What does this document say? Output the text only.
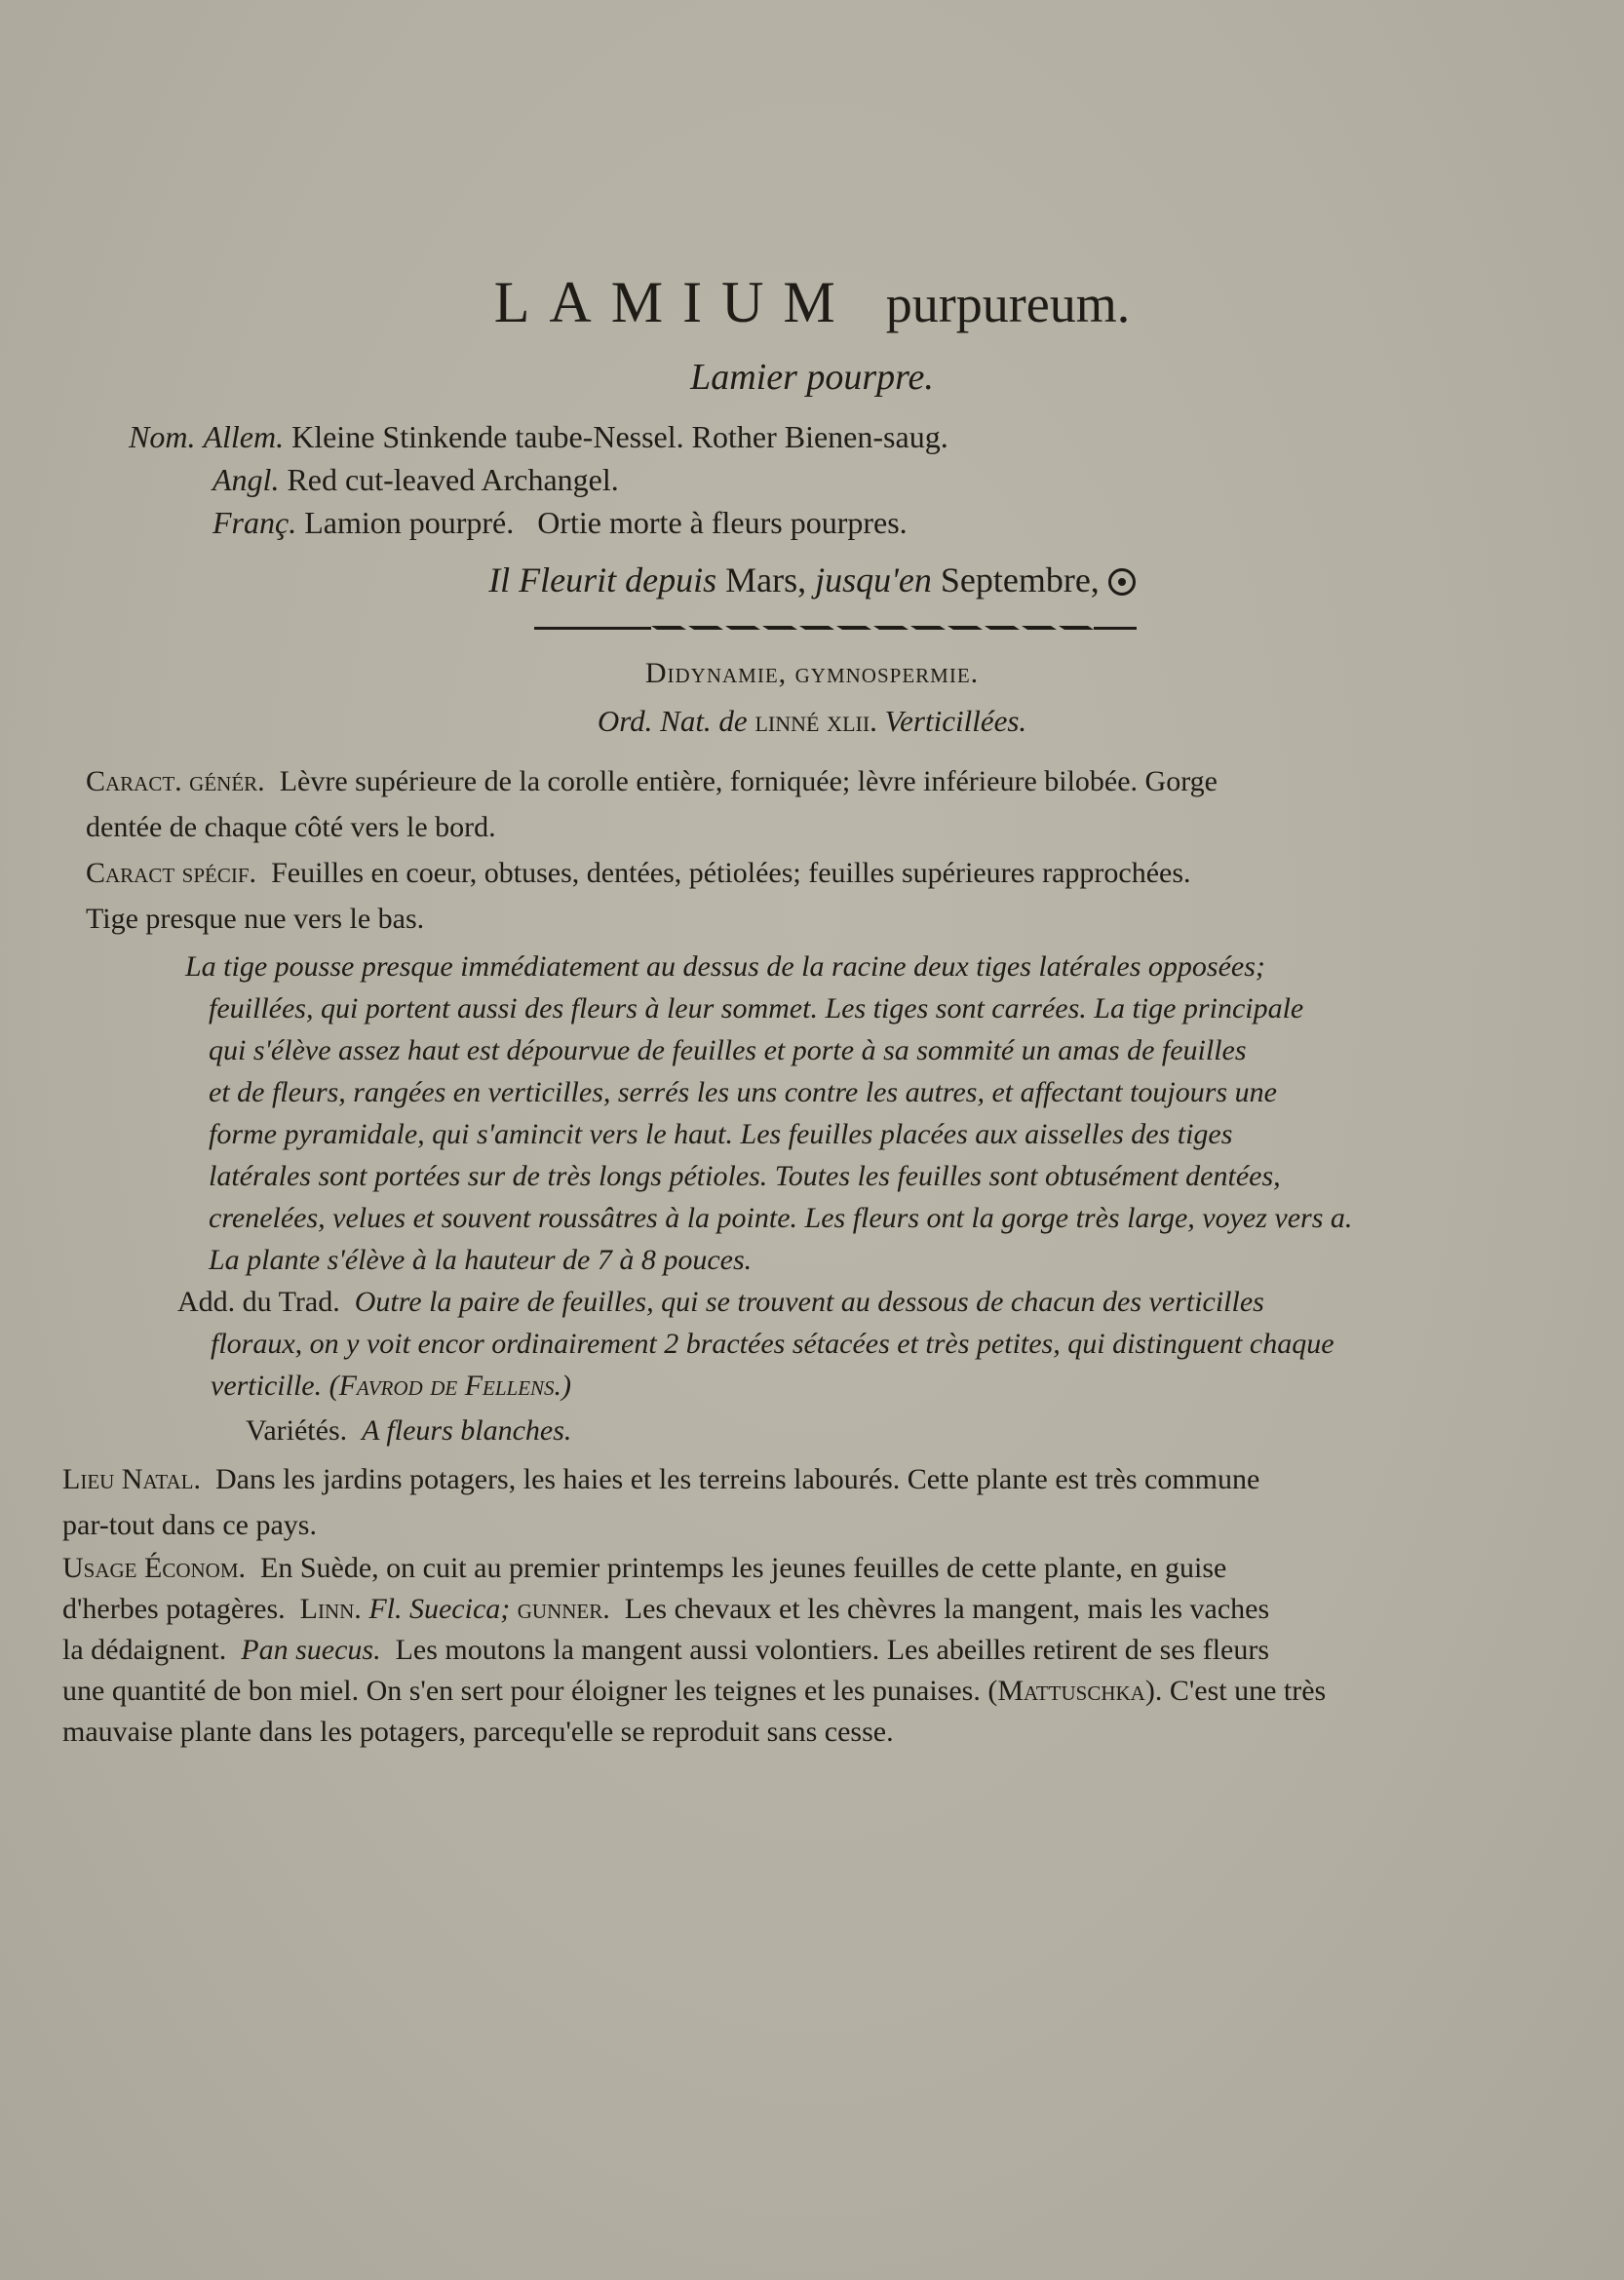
LAMIUM purpureum.
Lamier pourpre.
Nom. Allem. Kleine Stinkende taube-Nessel. Rother Bienen-saug.
Angl. Red cut-leaved Archangel.
Franç. Lamion pourpré.   Ortie morte à fleurs pourpres.
Il Fleurit depuis Mars, jusqu'en Septembre,
Didynamie, gymnospermie.
Ord. Nat. de linné xlii. Verticillées.
Caract. génér. Lèvre supérieure de la corolle entière, forniquée; lèvre inférieure bilobée. Gorge
dentée de chaque côté vers le bord.
Caract spécif. Feuilles en coeur, obtuses, dentées, pétiolées; feuilles supérieures rapprochées.
Tige presque nue vers le bas.
La tige pousse presque immédiatement au dessus de la racine deux tiges latérales opposées;
feuillées, qui portent aussi des fleurs à leur sommet. Les tiges sont carrées. La tige principale
qui s'élève assez haut est dépourvue de feuilles et porte à sa sommité un amas de feuilles
et de fleurs, rangées en verticilles, serrés les uns contre les autres, et affectant toujours une
forme pyramidale, qui s'amincit vers le haut. Les feuilles placées aux aisselles des tiges
latérales sont portées sur de très longs pétioles. Toutes les feuilles sont obtusément dentées,
crenelées, velues et souvent roussâtres à la pointe. Les fleurs ont la gorge très large, voyez vers a.
La plante s'élève à la hauteur de 7 à 8 pouces.
Add. du Trad. Outre la paire de feuilles, qui se trouvent au dessous de chacun des verticilles
floraux, on y voit encor ordinairement 2 bractées sétacées et très petites, qui distinguent chaque
verticille. (Favrod de Fellens.)
Variétés. A fleurs blanches.
Lieu Natal. Dans les jardins potagers, les haies et les terreins labourés. Cette plante est très commune
par-tout dans ce pays.
Usage Économ. En Suède, on cuit au premier printemps les jeunes feuilles de cette plante, en guise
d'herbes potagères. Linn. Fl. Suecica; gunner. Les chevaux et les chèvres la mangent, mais les vaches
la dédaignent. Pan suecus. Les moutons la mangent aussi volontiers. Les abeilles retirent de ses fleurs
une quantité de bon miel. On s'en sert pour éloigner les teignes et les punaises. (Mattuschka). C'est une très
mauvaise plante dans les potagers, parcequ'elle se reproduit sans cesse.
